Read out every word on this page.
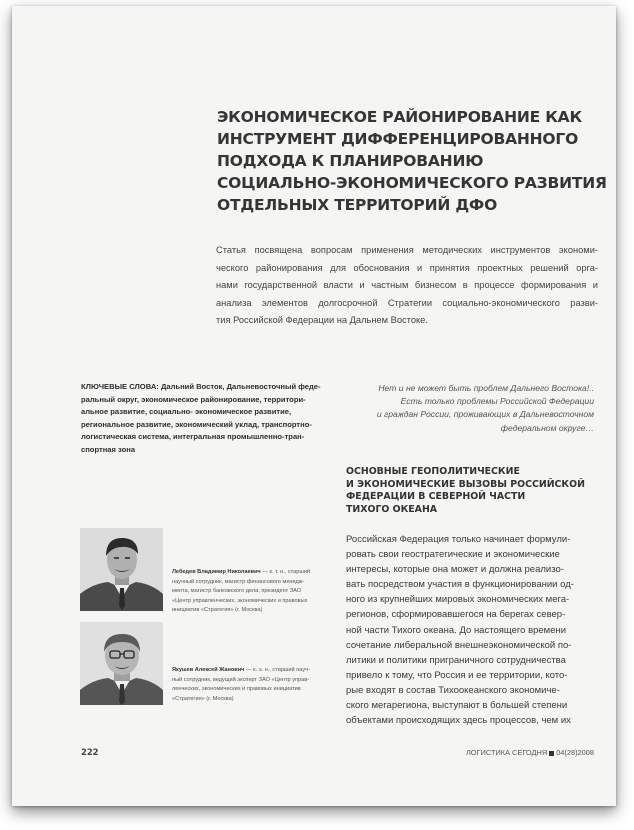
ЭКОНОМИЧЕСКОЕ РАЙОНИРОВАНИЕ КАК
ИНСТРУМЕНТ ДИФФЕРЕНЦИРОВАННОГО
ПОДХОДА К ПЛАНИРОВАНИЮ
СОЦИАЛЬНО-ЭКОНОМИЧЕСКОГО РАЗВИТИЯ
ОТДЕЛЬНЫХ ТЕРРИТОРИЙ ДФО
Статья посвящена вопросам применения методических инструментов экономи-
ческого районирования для обоснования и принятия проектных решений орга-
нами государственной власти и частным бизнесом в процессе формирования и
анализа элементов долгосрочной Стратегии социально-экономического разви-
тия Российской Федерации на Дальнем Востоке.
КЛЮЧЕВЫЕ СЛОВА: Дальний Восток, Дальневосточный феде-
ральный округ, экономическое районирование, территори-
альное развитие, социально- экономическое развитие,
региональное развитие, экономический уклад, транспортно-
логистическая система, интегральная промышленно-тран-
спортная зона
Нет и не может быть проблем Дальнего Востока!..
Есть только проблемы Российской Федерации
и граждан России, проживающих в Дальневосточном
федеральном округе…
ОСНОВНЫЕ ГЕОПОЛИТИЧЕСКИЕ
И ЭКОНОМИЧЕСКИЕ ВЫЗОВЫ РОССИЙСКОЙ
ФЕДЕРАЦИИ В СЕВЕРНОЙ ЧАСТИ
ТИХОГО ОКЕАНА
Российская Федерация только начинает формули-
ровать свои геостратегические и экономические
интересы, которые она может и должна реализо-
вать посредством участия в функционировании од-
ного из крупнейших мировых экономических мега-
регионов, сформировавшегося на берегах север-
ной части Тихого океана. До настоящего времени
сочетание либеральной внешнеэкономической по-
литики и политики приграничного сотрудничества
привело к тому, что Россия и ее территории, кото-
рые входят в состав Тихоокеанского экономиче-
ского мегарегиона, выступают в большей степени
объектами происходящих здесь процессов, чем их
Лебедев Владимир Николаевич — к. т. н., старший
научный сотрудник, магистр финансового менедж-
мента, магистр банковского дела, президент ЗАО
«Центр управленческих, экономических и правовых
инициатив «Стратегия» (г. Москва)
Якушев Алексей Жанович — к. э. н., старший науч-
ный сотрудник, ведущий эксперт ЗАО «Центр управ-
ленческих, экономических и правовых инициатив
«Стратегия» (г. Москва)
222	ЛОГИСТИКА СЕГОДНЯ 04(28)2008
